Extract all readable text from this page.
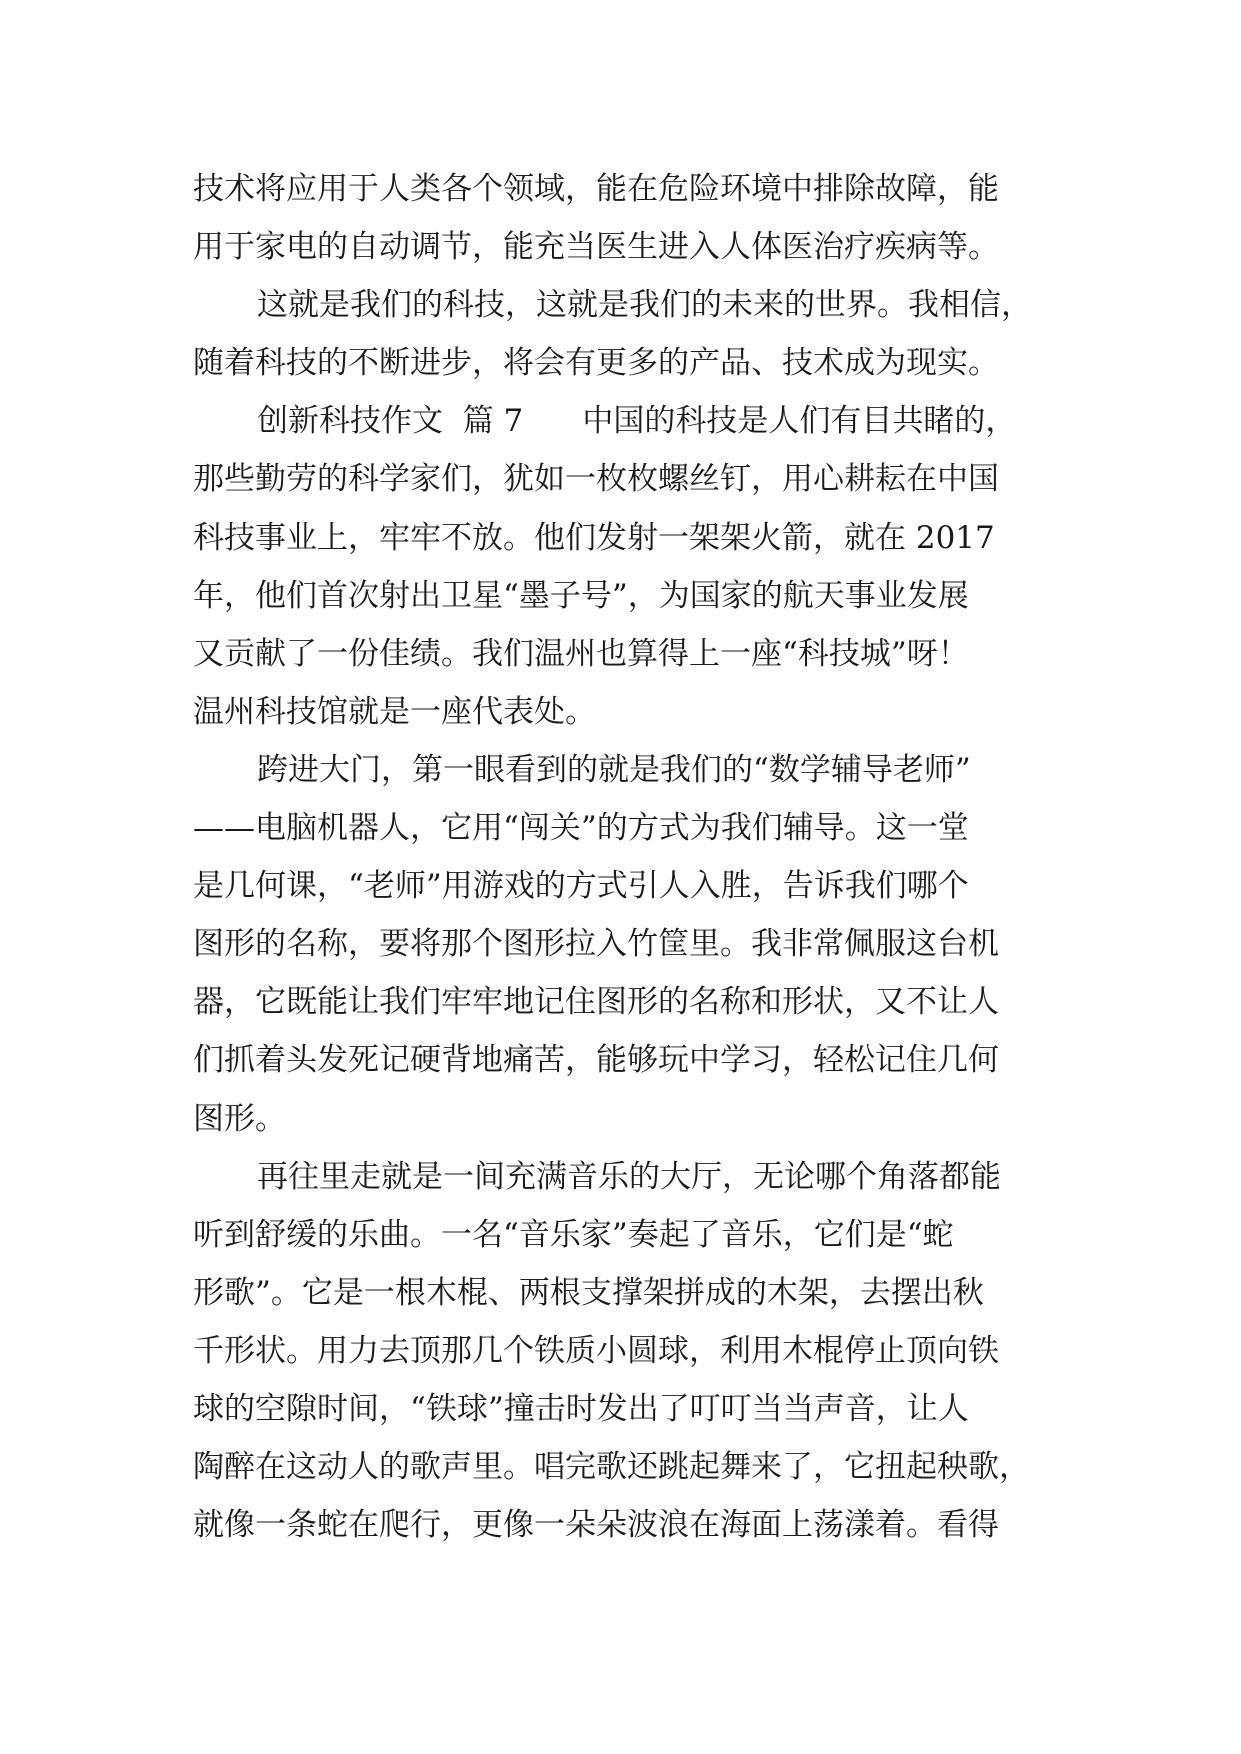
技术将应用于人类各个领域，能在危险环境中排除故障，能
用于家电的自动调节，能充当医生进入人体医治疗疾病等。
这就是我们的科技，这就是我们的未来的世界。我相信，
随着科技的不断进步，将会有更多的产品、技术成为现实。
创新科技作文  篇 7      中国的科技是人们有目共睹的，
那些勤劳的科学家们，犹如一枚枚螺丝钉，用心耕耘在中国
科技事业上，牢牢不放。他们发射一架架火箭，就在 2017
年，他们首次射出卫星“墨子号”，为国家的航天事业发展
又贡献了一份佳绩。我们温州也算得上一座“科技城”呀！
温州科技馆就是一座代表处。
跨进大门，第一眼看到的就是我们的“数学辅导老师”
——电脑机器人，它用“闯关”的方式为我们辅导。这一堂
是几何课，“老师”用游戏的方式引人入胜，告诉我们哪个
图形的名称，要将那个图形拉入竹筐里。我非常佩服这台机
器，它既能让我们牢牢地记住图形的名称和形状，又不让人
们抓着头发死记硬背地痛苦，能够玩中学习，轻松记住几何
图形。
再往里走就是一间充满音乐的大厅，无论哪个角落都能
听到舒缓的乐曲。一名“音乐家”奏起了音乐，它们是“蛇
形歌”。它是一根木棍、两根支撑架拼成的木架，去摆出秋
千形状。用力去顶那几个铁质小圆球，利用木棍停止顶向铁
球的空隙时间，“铁球”撞击时发出了叮叮当当声音，让人
陶醉在这动人的歌声里。唱完歌还跳起舞来了，它扭起秧歌，
就像一条蛇在爬行，更像一朵朵波浪在海面上荡漾着。看得
